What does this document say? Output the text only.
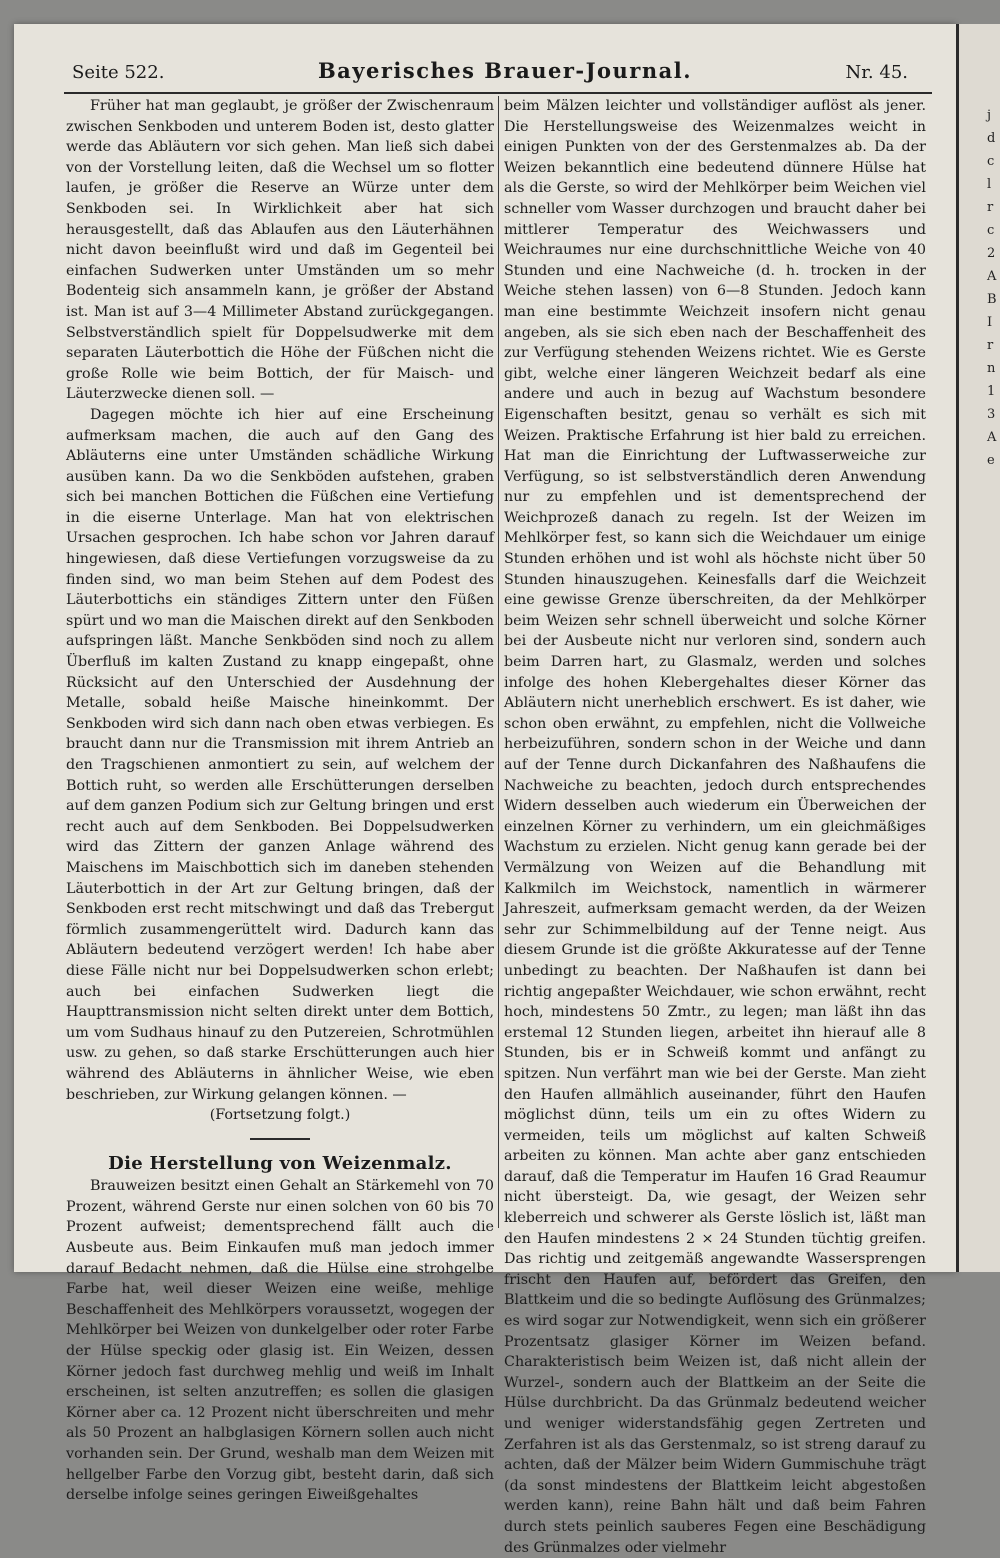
Seite 522.	Bayerisches Brauer-Journal.	Nr. 45.

Früher hat man geglaubt, je größer der Zwischenraum zwischen Senkboden und unterem Boden ist, desto glatter werde das Abläutern vor sich gehen. Man ließ sich dabei von der Vorstellung leiten, daß die Wechsel um so flotter laufen, je größer die Reserve an Würze unter dem Senkboden sei. In Wirklichkeit aber hat sich herausgestellt, daß das Ablaufen aus den Läuterhähnen nicht davon beeinflußt wird und daß im Gegenteil bei einfachen Sudwerken unter Umständen um so mehr Bodenteig sich ansammeln kann, je größer der Abstand ist. Man ist auf 3—4 Millimeter Abstand zurückgegangen. Selbstverständlich spielt für Doppelsudwerke mit dem separaten Läuterbottich die Höhe der Füßchen nicht die große Rolle wie beim Bottich, der für Maisch- und Läuterzwecke dienen soll. —

Dagegen möchte ich hier auf eine Erscheinung aufmerksam machen, die auch auf den Gang des Abläuterns eine unter Umständen schädliche Wirkung ausüben kann. Da wo die Senkböden aufstehen, graben sich bei manchen Bottichen die Füßchen eine Vertiefung in die eiserne Unterlage. Man hat von elektrischen Ursachen gesprochen. Ich habe schon vor Jahren darauf hingewiesen, daß diese Vertiefungen vorzugsweise da zu finden sind, wo man beim Stehen auf dem Podest des Läuterbottichs ein ständiges Zittern unter den Füßen spürt und wo man die Maischen direkt auf den Senkboden aufspringen läßt. Manche Senkböden sind noch zu allem Überfluß im kalten Zustand zu knapp eingepaßt, ohne Rücksicht auf den Unterschied der Ausdehnung der Metalle, sobald heiße Maische hineinkommt. Der Senkboden wird sich dann nach oben etwas verbiegen. Es braucht dann nur die Transmission mit ihrem Antrieb an den Tragschienen anmontiert zu sein, auf welchem der Bottich ruht, so werden alle Erschütterungen derselben auf dem ganzen Podium sich zur Geltung bringen und erst recht auch auf dem Senkboden. Bei Doppelsudwerken wird das Zittern der ganzen Anlage während des Maischens im Maischbottich sich im daneben stehenden Läuterbottich in der Art zur Geltung bringen, daß der Senkboden erst recht mitschwingt und daß das Trebergut förmlich zusammengerüttelt wird. Dadurch kann das Abläutern bedeutend verzögert werden! Ich habe aber diese Fälle nicht nur bei Doppelsudwerken schon erlebt; auch bei einfachen Sudwerken liegt die Haupttransmission nicht selten direkt unter dem Bottich, um vom Sudhaus hinauf zu den Putzereien, Schrotmühlen usw. zu gehen, so daß starke Erschütterungen auch hier während des Abläuterns in ähnlicher Weise, wie eben beschrieben, zur Wirkung gelangen können. —

(Fortsetzung folgt.)

Die Herstellung von Weizenmalz.

Brauweizen besitzt einen Gehalt an Stärkemehl von 70 Prozent, während Gerste nur einen solchen von 60 bis 70 Prozent aufweist; dementsprechend fällt auch die Ausbeute aus. Beim Einkaufen muß man jedoch immer darauf Bedacht nehmen, daß die Hülse eine strohgelbe Farbe hat, weil dieser Weizen eine weiße, mehlige Beschaffenheit des Mehlkörpers voraussetzt, wogegen der Mehlkörper bei Weizen von dunkelgelber oder roter Farbe der Hülse speckig oder glasig ist. Ein Weizen, dessen Körner jedoch fast durchweg mehlig und weiß im Inhalt erscheinen, ist selten anzutreffen; es sollen die glasigen Körner aber ca. 12 Prozent nicht überschreiten und mehr als 50 Prozent an halbglasigen Körnern sollen auch nicht vorhanden sein. Der Grund, weshalb man dem Weizen mit hellgelber Farbe den Vorzug gibt, besteht darin, daß sich derselbe infolge seines geringen Eiweißgehaltes

beim Mälzen leichter und vollständiger auflöst als jener. Die Herstellungsweise des Weizenmalzes weicht in einigen Punkten von der des Gerstenmalzes ab. Da der Weizen bekanntlich eine bedeutend dünnere Hülse hat als die Gerste, so wird der Mehlkörper beim Weichen viel schneller vom Wasser durchzogen und braucht daher bei mittlerer Temperatur des Weichwassers und Weichraumes nur eine durchschnittliche Weiche von 40 Stunden und eine Nachweiche (d. h. trocken in der Weiche stehen lassen) von 6—8 Stunden. Jedoch kann man eine bestimmte Weichzeit insofern nicht genau angeben, als sie sich eben nach der Beschaffenheit des zur Verfügung stehenden Weizens richtet. Wie es Gerste gibt, welche einer längeren Weichzeit bedarf als eine andere und auch in bezug auf Wachstum besondere Eigenschaften besitzt, genau so verhält es sich mit Weizen. Praktische Erfahrung ist hier bald zu erreichen. Hat man die Einrichtung der Luftwasserweiche zur Verfügung, so ist selbstverständlich deren Anwendung nur zu empfehlen und ist dementsprechend der Weichprozeß danach zu regeln. Ist der Weizen im Mehlkörper fest, so kann sich die Weichdauer um einige Stunden erhöhen und ist wohl als höchste nicht über 50 Stunden hinauszugehen. Keinesfalls darf die Weichzeit eine gewisse Grenze überschreiten, da der Mehlkörper beim Weizen sehr schnell überweicht und solche Körner bei der Ausbeute nicht nur verloren sind, sondern auch beim Darren hart, zu Glasmalz, werden und solches infolge des hohen Klebergehaltes dieser Körner das Abläutern nicht unerheblich erschwert. Es ist daher, wie schon oben erwähnt, zu empfehlen, nicht die Vollweiche herbeizuführen, sondern schon in der Weiche und dann auf der Tenne durch Dickanfahren des Naßhaufens die Nachweiche zu beachten, jedoch durch entsprechendes Widern desselben auch wiederum ein Überweichen der einzelnen Körner zu verhindern, um ein gleichmäßiges Wachstum zu erzielen. Nicht genug kann gerade bei der Vermälzung von Weizen auf die Behandlung mit Kalkmilch im Weichstock, namentlich in wärmerer Jahreszeit, aufmerksam gemacht werden, da der Weizen sehr zur Schimmelbildung auf der Tenne neigt. Aus diesem Grunde ist die größte Akkuratesse auf der Tenne unbedingt zu beachten. Der Naßhaufen ist dann bei richtig angepaßter Weichdauer, wie schon erwähnt, recht hoch, mindestens 50 Zmtr., zu legen; man läßt ihn das erstemal 12 Stunden liegen, arbeitet ihn hierauf alle 8 Stunden, bis er in Schweiß kommt und anfängt zu spitzen. Nun verfährt man wie bei der Gerste. Man zieht den Haufen allmählich auseinander, führt den Haufen möglichst dünn, teils um ein zu oftes Widern zu vermeiden, teils um möglichst auf kalten Schweiß arbeiten zu können. Man achte aber ganz entschieden darauf, daß die Temperatur im Haufen 16 Grad Reaumur nicht übersteigt. Da, wie gesagt, der Weizen sehr kleberreich und schwerer als Gerste löslich ist, läßt man den Haufen mindestens 2 × 24 Stunden tüchtig greifen. Das richtig und zeitgemäß angewandte Wassersprengen frischt den Haufen auf, befördert das Greifen, den Blattkeim und die so bedingte Auflösung des Grünmalzes; es wird sogar zur Notwendigkeit, wenn sich ein größerer Prozentsatz glasiger Körner im Weizen befand. Charakteristisch beim Weizen ist, daß nicht allein der Wurzel-, sondern auch der Blattkeim an der Seite die Hülse durchbricht. Da das Grünmalz bedeutend weicher und weniger widerstandsfähig gegen Zertreten und Zerfahren ist als das Gerstenmalz, so ist streng darauf zu achten, daß der Mälzer beim Widern Gummischuhe trägt (da sonst mindestens der Blattkeim leicht abgestoßen werden kann), reine Bahn hält und daß beim Fahren durch stets peinlich sauberes Fegen eine Beschädigung des Grünmalzes oder vielmehr

j
d
c
l
r
c
2
A
B
I
r
n
1
3
A
e
